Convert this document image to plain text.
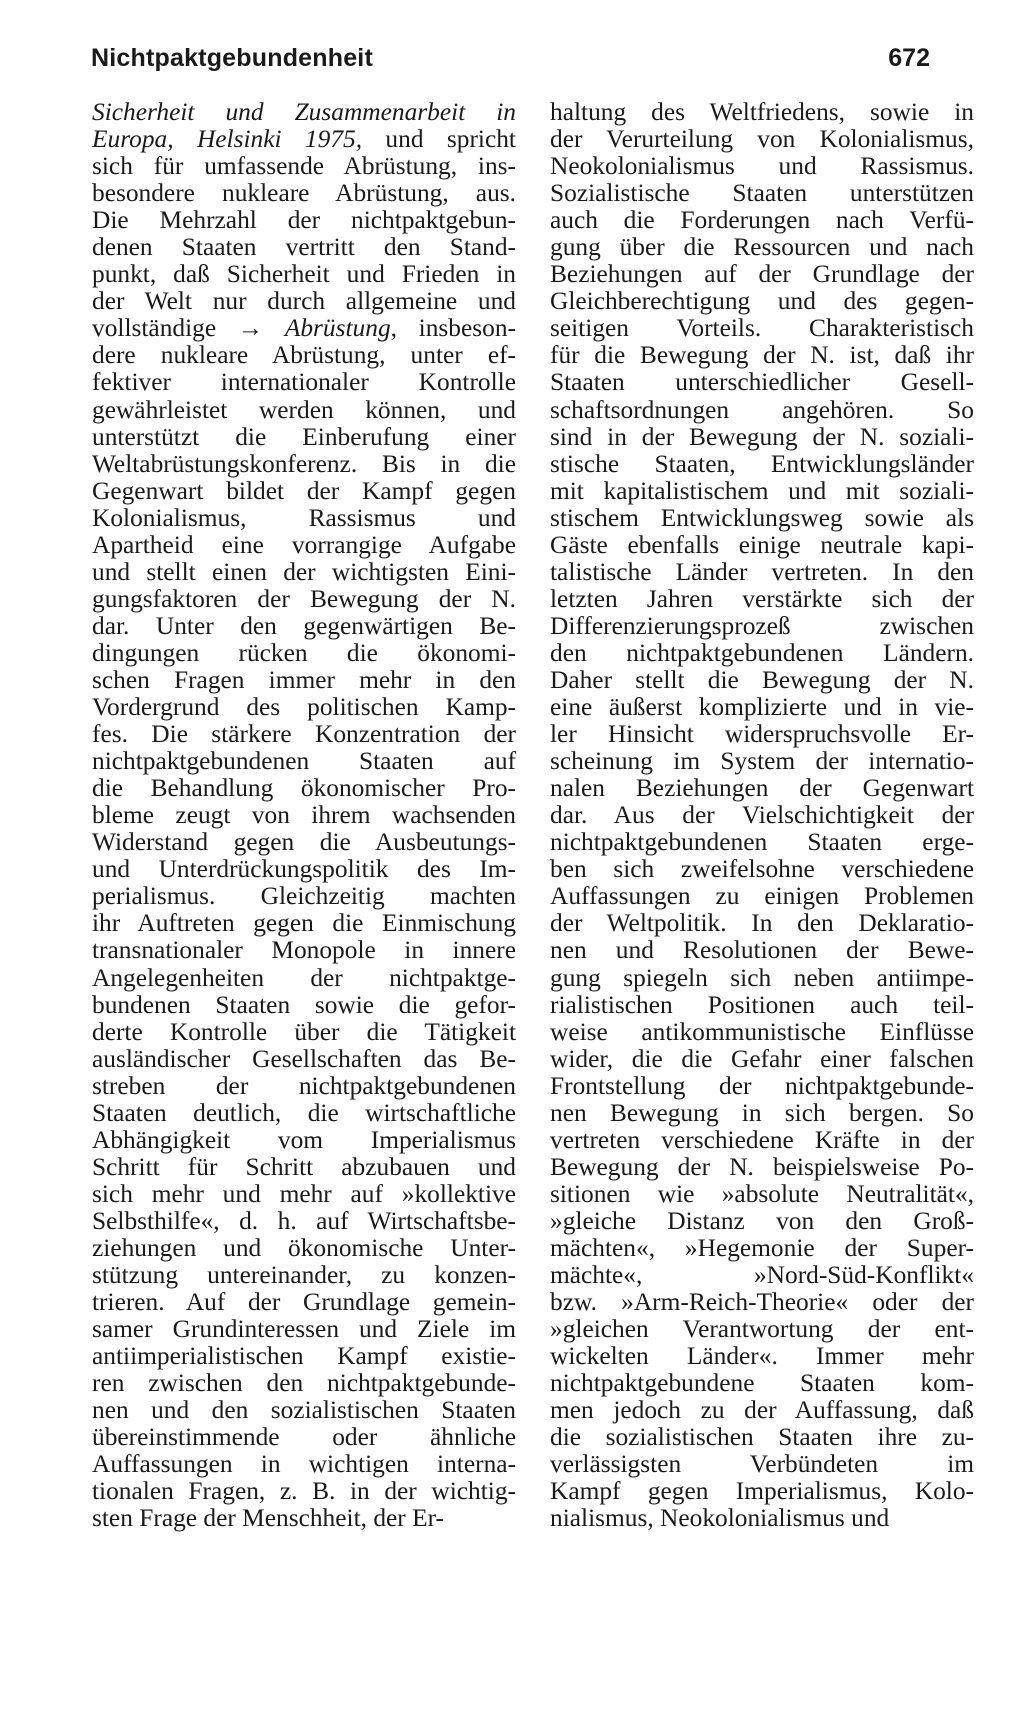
Nichtpaktgebundenheit	672
Sicherheit und Zusammenarbeit in
Europa, Helsinki 1975, und spricht
sich für umfassende Abrüstung, ins-
besondere nukleare Abrüstung, aus.
Die Mehrzahl der nichtpaktgebun-
denen Staaten vertritt den Stand-
punkt, daß Sicherheit und Frieden in
der Welt nur durch allgemeine und
vollständige → Abrüstung, insbeson-
dere nukleare Abrüstung, unter ef-
fektiver internationaler Kontrolle
gewährleistet werden können, und
unterstützt die Einberufung einer
Weltabrüstungskonferenz. Bis in die
Gegenwart bildet der Kampf gegen
Kolonialismus, Rassismus und
Apartheid eine vorrangige Aufgabe
und stellt einen der wichtigsten Eini-
gungsfaktoren der Bewegung der N.
dar. Unter den gegenwärtigen Be-
dingungen rücken die ökonomi-
schen Fragen immer mehr in den
Vordergrund des politischen Kamp-
fes. Die stärkere Konzentration der
nichtpaktgebundenen Staaten auf
die Behandlung ökonomischer Pro-
bleme zeugt von ihrem wachsenden
Widerstand gegen die Ausbeutungs-
und Unterdrückungspolitik des Im-
perialismus. Gleichzeitig machten
ihr Auftreten gegen die Einmischung
transnationaler Monopole in innere
Angelegenheiten der nichtpaktge-
bundenen Staaten sowie die gefor-
derte Kontrolle über die Tätigkeit
ausländischer Gesellschaften das Be-
streben der nichtpaktgebundenen
Staaten deutlich, die wirtschaftliche
Abhängigkeit vom Imperialismus
Schritt für Schritt abzubauen und
sich mehr und mehr auf »kollektive
Selbsthilfe«, d. h. auf Wirtschaftsbe-
ziehungen und ökonomische Unter-
stützung untereinander, zu konzen-
trieren. Auf der Grundlage gemein-
samer Grundinteressen und Ziele im
antiimperialistischen Kampf existie-
ren zwischen den nichtpaktgebunde-
nen und den sozialistischen Staaten
übereinstimmende oder ähnliche
Auffassungen in wichtigen interna-
tionalen Fragen, z. B. in der wichtig-
sten Frage der Menschheit, der Er-
haltung des Weltfriedens, sowie in
der Verurteilung von Kolonialismus,
Neokolonialismus und Rassismus.
Sozialistische Staaten unterstützen
auch die Forderungen nach Verfü-
gung über die Ressourcen und nach
Beziehungen auf der Grundlage der
Gleichberechtigung und des gegen-
seitigen Vorteils. Charakteristisch
für die Bewegung der N. ist, daß ihr
Staaten unterschiedlicher Gesell-
schaftsordnungen angehören. So
sind in der Bewegung der N. soziali-
stische Staaten, Entwicklungsländer
mit kapitalistischem und mit soziali-
stischem Entwicklungsweg sowie als
Gäste ebenfalls einige neutrale kapi-
talistische Länder vertreten. In den
letzten Jahren verstärkte sich der
Differenzierungsprozeß zwischen
den nichtpaktgebundenen Ländern.
Daher stellt die Bewegung der N.
eine äußerst komplizierte und in vie-
ler Hinsicht widerspruchsvolle Er-
scheinung im System der internatio-
nalen Beziehungen der Gegenwart
dar. Aus der Vielschichtigkeit der
nichtpaktgebundenen Staaten erge-
ben sich zweifelsohne verschiedene
Auffassungen zu einigen Problemen
der Weltpolitik. In den Deklaratio-
nen und Resolutionen der Bewe-
gung spiegeln sich neben antiimpe-
rialistischen Positionen auch teil-
weise antikommunistische Einflüsse
wider, die die Gefahr einer falschen
Frontstellung der nichtpaktgebunde-
nen Bewegung in sich bergen. So
vertreten verschiedene Kräfte in der
Bewegung der N. beispielsweise Po-
sitionen wie »absolute Neutralität«,
»gleiche Distanz von den Groß-
mächten«, »Hegemonie der Super-
mächte«, »Nord-Süd-Konflikt«
bzw. »Arm-Reich-Theorie« oder der
»gleichen Verantwortung der ent-
wickelten Länder«. Immer mehr
nichtpaktgebundene Staaten kom-
men jedoch zu der Auffassung, daß
die sozialistischen Staaten ihre zu-
verlässigsten Verbündeten im
Kampf gegen Imperialismus, Kolo-
nialismus, Neokolonialismus und
